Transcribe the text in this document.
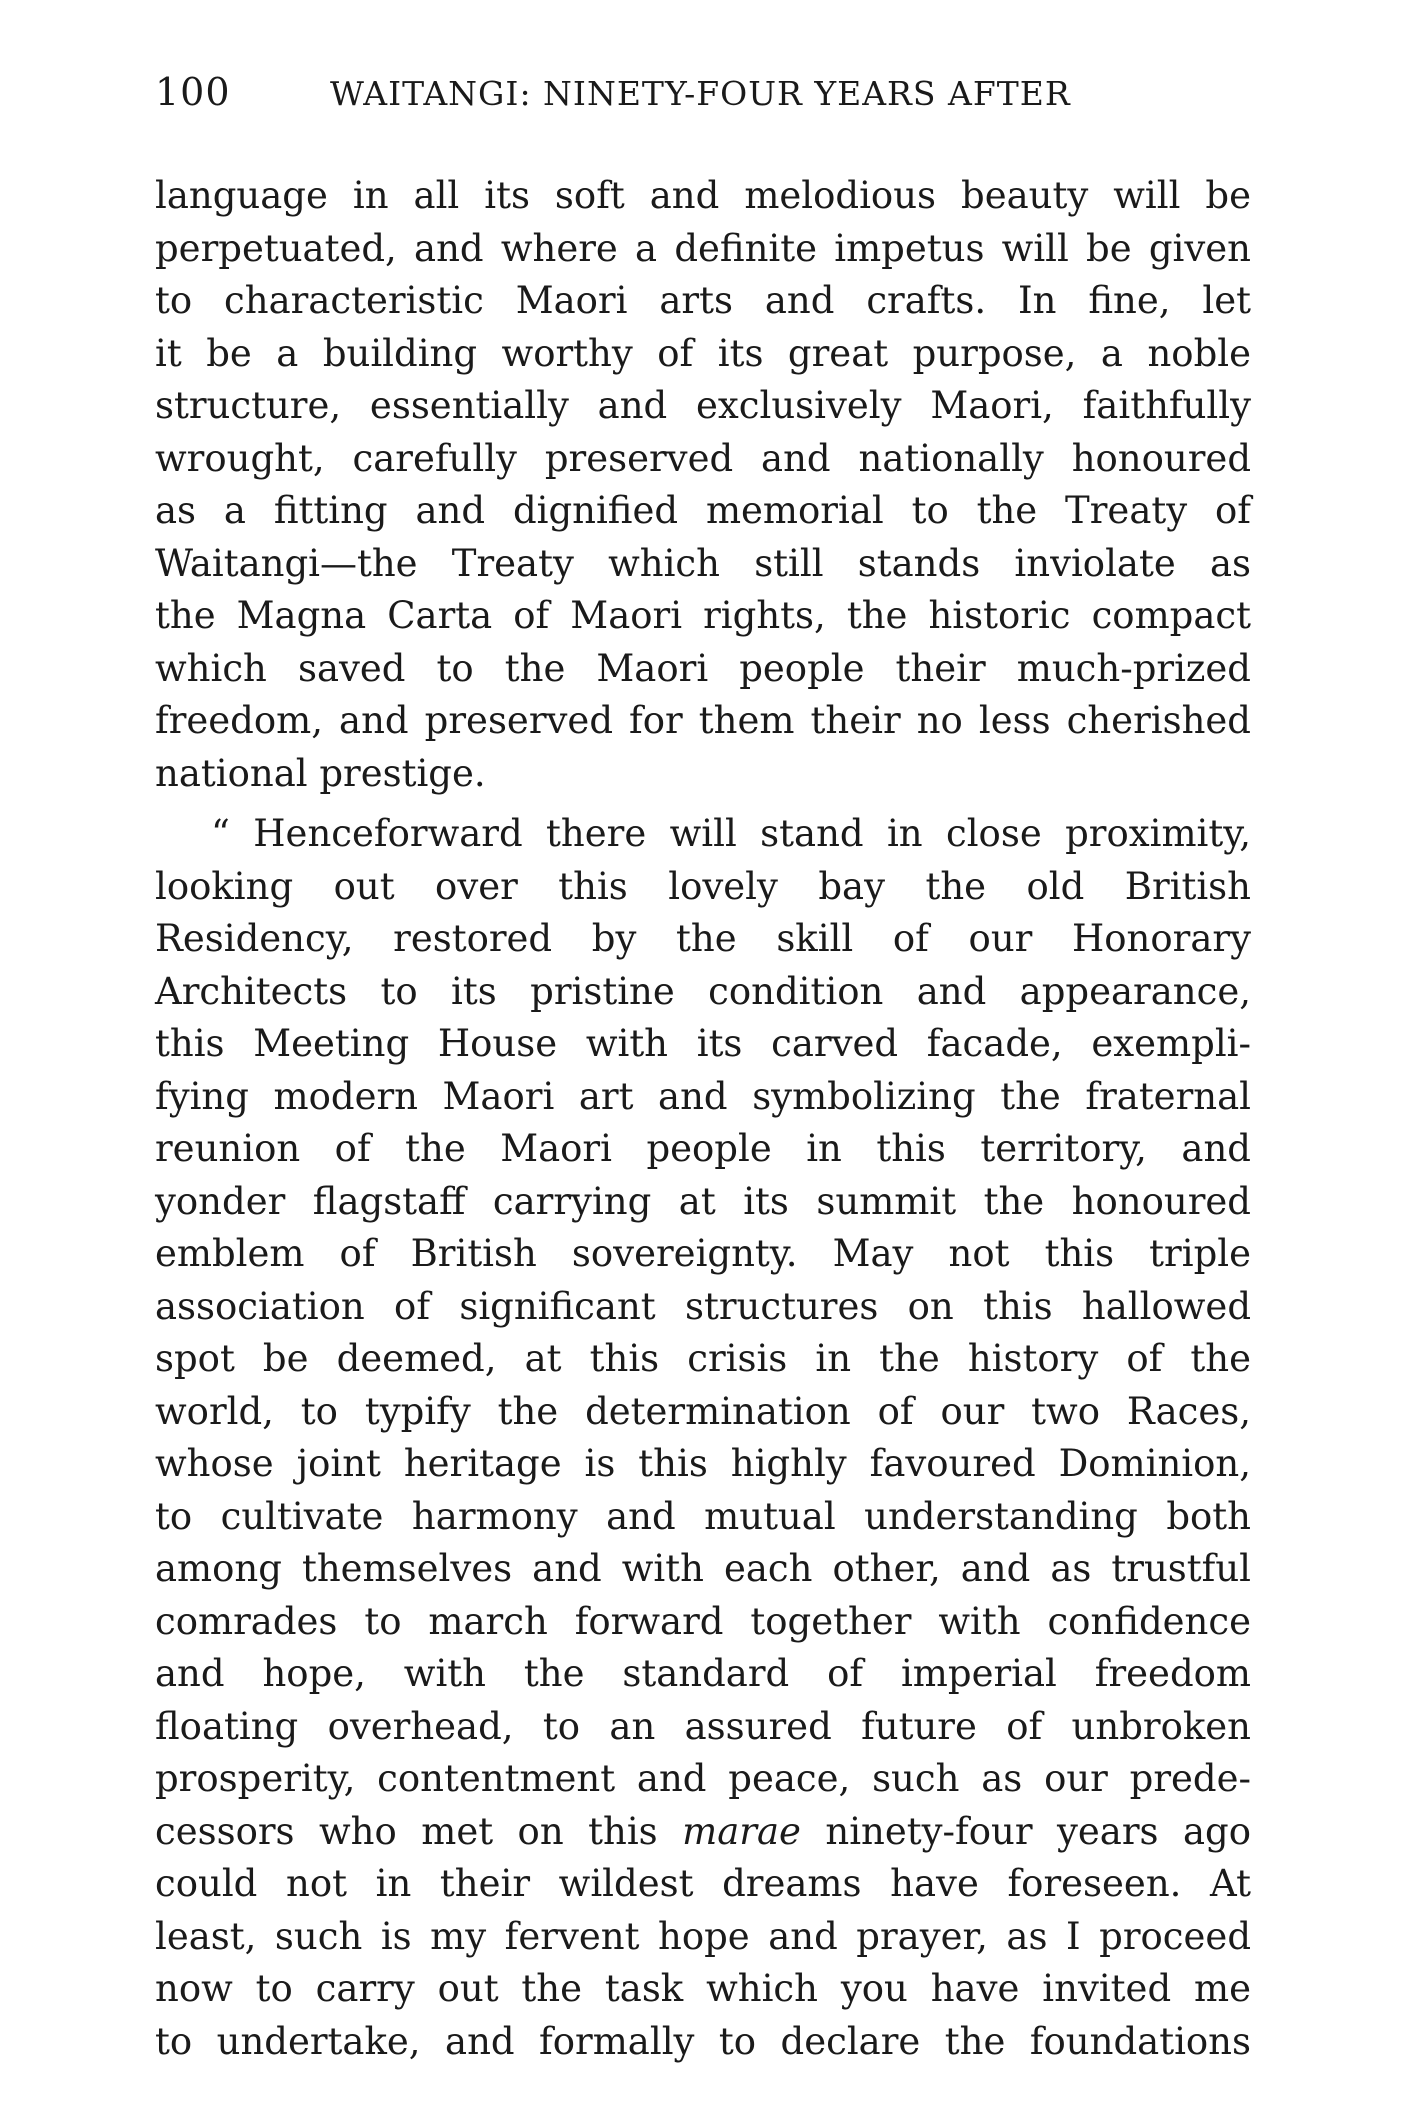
100	WAITANGI: NINETY-FOUR YEARS AFTER
language in all its soft and melodious beauty will be
perpetuated, and where a definite impetus will be given
to characteristic Maori arts and crafts. In fine, let
it be a building worthy of its great purpose, a noble
structure, essentially and exclusively Maori, faithfully
wrought, carefully preserved and nationally honoured
as a fitting and dignified memorial to the Treaty of
Waitangi—the Treaty which still stands inviolate as
the Magna Carta of Maori rights, the historic compact
which saved to the Maori people their much-prized
freedom, and preserved for them their no less cherished
national prestige.
“ Henceforward there will stand in close proximity,
looking out over this lovely bay the old British
Residency, restored by the skill of our Honorary
Architects to its pristine condition and appearance,
this Meeting House with its carved facade, exempli-
fying modern Maori art and symbolizing the fraternal
reunion of the Maori people in this territory, and
yonder flagstaff carrying at its summit the honoured
emblem of British sovereignty. May not this triple
association of significant structures on this hallowed
spot be deemed, at this crisis in the history of the
world, to typify the determination of our two Races,
whose joint heritage is this highly favoured Dominion,
to cultivate harmony and mutual understanding both
among themselves and with each other, and as trustful
comrades to march forward together with confidence
and hope, with the standard of imperial freedom
floating overhead, to an assured future of unbroken
prosperity, contentment and peace, such as our prede-
cessors who met on this marae ninety-four years ago
could not in their wildest dreams have foreseen. At
least, such is my fervent hope and prayer, as I proceed
now to carry out the task which you have invited me
to undertake, and formally to declare the foundations
